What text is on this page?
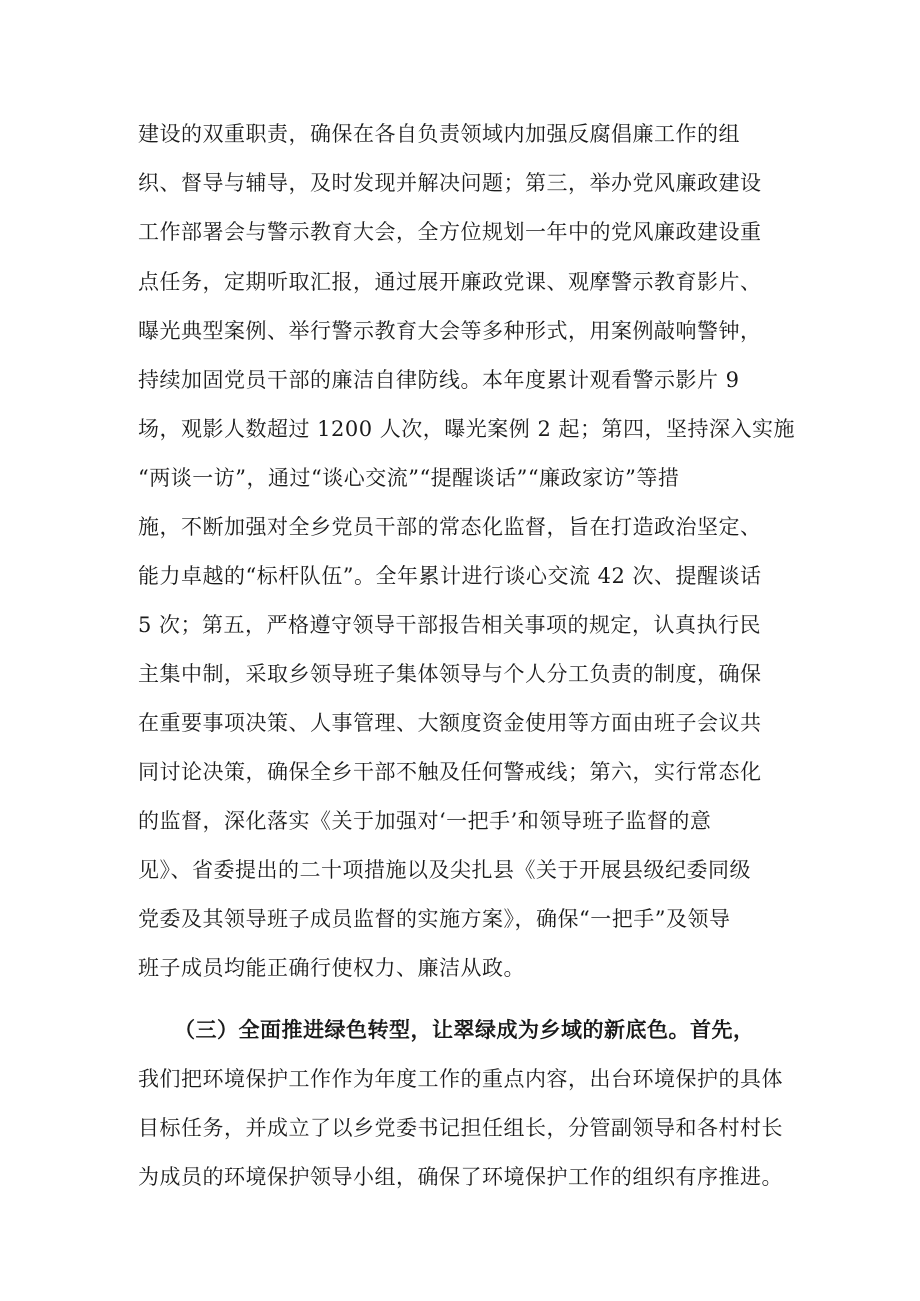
建设的双重职责，确保在各自负责领域内加强反腐倡廉工作的组
织、督导与辅导，及时发现并解决问题；第三，举办党风廉政建设
工作部署会与警示教育大会，全方位规划一年中的党风廉政建设重
点任务，定期听取汇报，通过展开廉政党课、观摩警示教育影片、
曝光典型案例、举行警示教育大会等多种形式，用案例敲响警钟，
持续加固党员干部的廉洁自律防线。本年度累计观看警示影片 9
场，观影人数超过 1200 人次，曝光案例 2 起；第四，坚持深入实施
“两谈一访”，通过“谈心交流”“提醒谈话”“廉政家访”等措
施，不断加强对全乡党员干部的常态化监督，旨在打造政治坚定、
能力卓越的“标杆队伍”。全年累计进行谈心交流 42 次、提醒谈话
5 次；第五，严格遵守领导干部报告相关事项的规定，认真执行民
主集中制，采取乡领导班子集体领导与个人分工负责的制度，确保
在重要事项决策、人事管理、大额度资金使用等方面由班子会议共
同讨论决策，确保全乡干部不触及任何警戒线；第六，实行常态化
的监督，深化落实《关于加强对‘一把手’和领导班子监督的意
见》、省委提出的二十项措施以及尖扎县《关于开展县级纪委同级
党委及其领导班子成员监督的实施方案》，确保“一把手”及领导
班子成员均能正确行使权力、廉洁从政。
（三）全面推进绿色转型，让翠绿成为乡域的新底色。首先，
我们把环境保护工作作为年度工作的重点内容，出台环境保护的具体
目标任务，并成立了以乡党委书记担任组长，分管副领导和各村村长
为成员的环境保护领导小组，确保了环境保护工作的组织有序推进。
